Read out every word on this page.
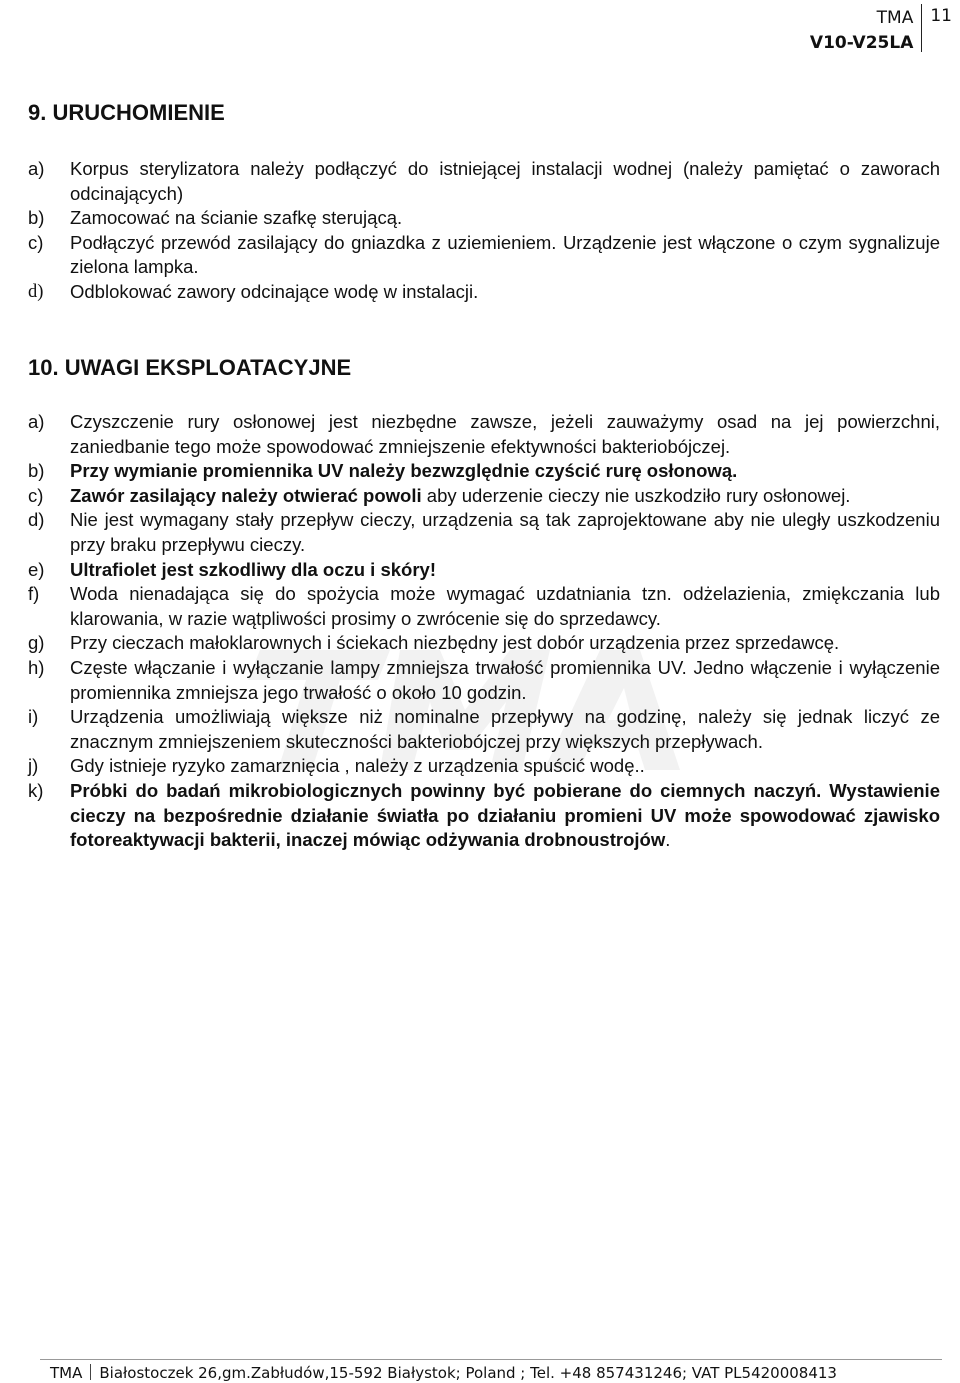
TMA
V10-V25LA
11
9. URUCHOMIENIE
a) Korpus sterylizatora należy podłączyć do istniejącej instalacji wodnej (należy pamiętać o zaworach odcinających)
b) Zamocować na ścianie szafkę sterującą.
c) Podłączyć przewód zasilający do gniazdka z uziemieniem. Urządzenie jest włączone o czym sygnalizuje zielona lampka.
d) Odblokować zawory odcinające wodę w instalacji.
10. UWAGI EKSPLOATACYJNE
a) Czyszczenie rury osłonowej jest niezbędne zawsze, jeżeli zauważymy osad na jej powierzchni, zaniedbanie tego może spowodować zmniejszenie efektywności bakteriobójczej.
b) Przy wymianie promiennika UV należy bezwzględnie czyścić rurę osłonową.
c) Zawór zasilający należy otwierać powoli aby uderzenie cieczy nie uszkodziło rury osłonowej.
d) Nie jest wymagany stały przepływ cieczy, urządzenia są tak zaprojektowane aby nie uległy uszkodzeniu przy braku przepływu cieczy.
e) Ultrafiolet jest szkodliwy dla oczu i skóry!
f) Woda nienadająca się do spożycia może wymagać uzdatniania tzn. odżelazienia, zmiękczania lub klarowania, w razie wątpliwości prosimy o zwrócenie się do sprzedawcy.
g) Przy cieczach małoklarownych i ściekach niezbędny jest dobór urządzenia przez sprzedawcę.
h) Częste włączanie i wyłączanie lampy zmniejsza trwałość promiennika UV. Jedno włączenie i wyłączenie promiennika zmniejsza jego trwałość o około 10 godzin.
i) Urządzenia umożliwiają większe niż nominalne przepływy na godzinę, należy się jednak liczyć ze znacznym zmniejszeniem skuteczności bakteriobójczej przy większych przepływach.
j) Gdy istnieje ryzyko zamarznięcia , należy z urządzenia spuścić wodę..
k) Próbki do badań mikrobiologicznych powinny być pobierane do ciemnych naczyń. Wystawienie cieczy na bezpośrednie działanie światła po działaniu promieni UV może spowodować zjawisko fotoreaktywacji bakterii, inaczej mówiąc odżywania drobnoustrojów.
TMA Białostoczek 26,gm.Zabłudów,15-592 Białystok; Poland ; Tel. +48 857431246; VAT PL5420008413
